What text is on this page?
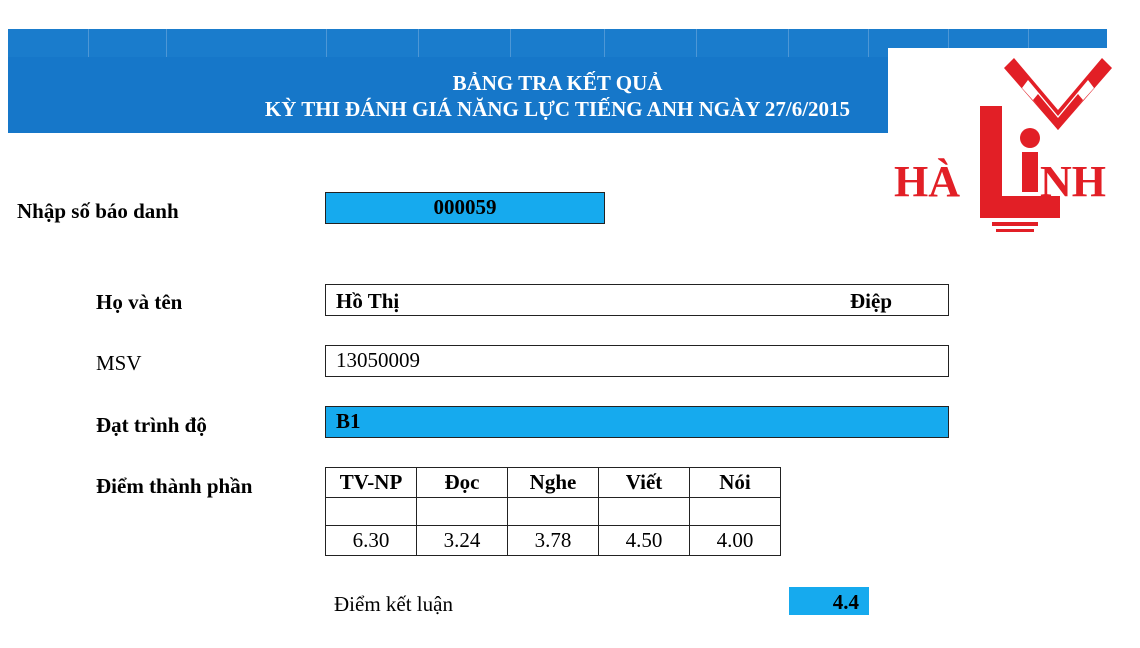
BẢNG TRA KẾT QUẢ
KỲ THI ĐÁNH GIÁ NĂNG LỰC TIẾNG ANH NGÀY 27/6/2015
HÀ NH
Nhập số báo danh	000059
Họ và tên	Hồ Thị	Điệp
MSV	13050009
Đạt trình độ	B1
Điểm thành phần	TV-NP	Đọc	Nghe	Viết	Nói

6.30	3.24	3.78	4.50	4.00
Điểm kết luận	4.4
